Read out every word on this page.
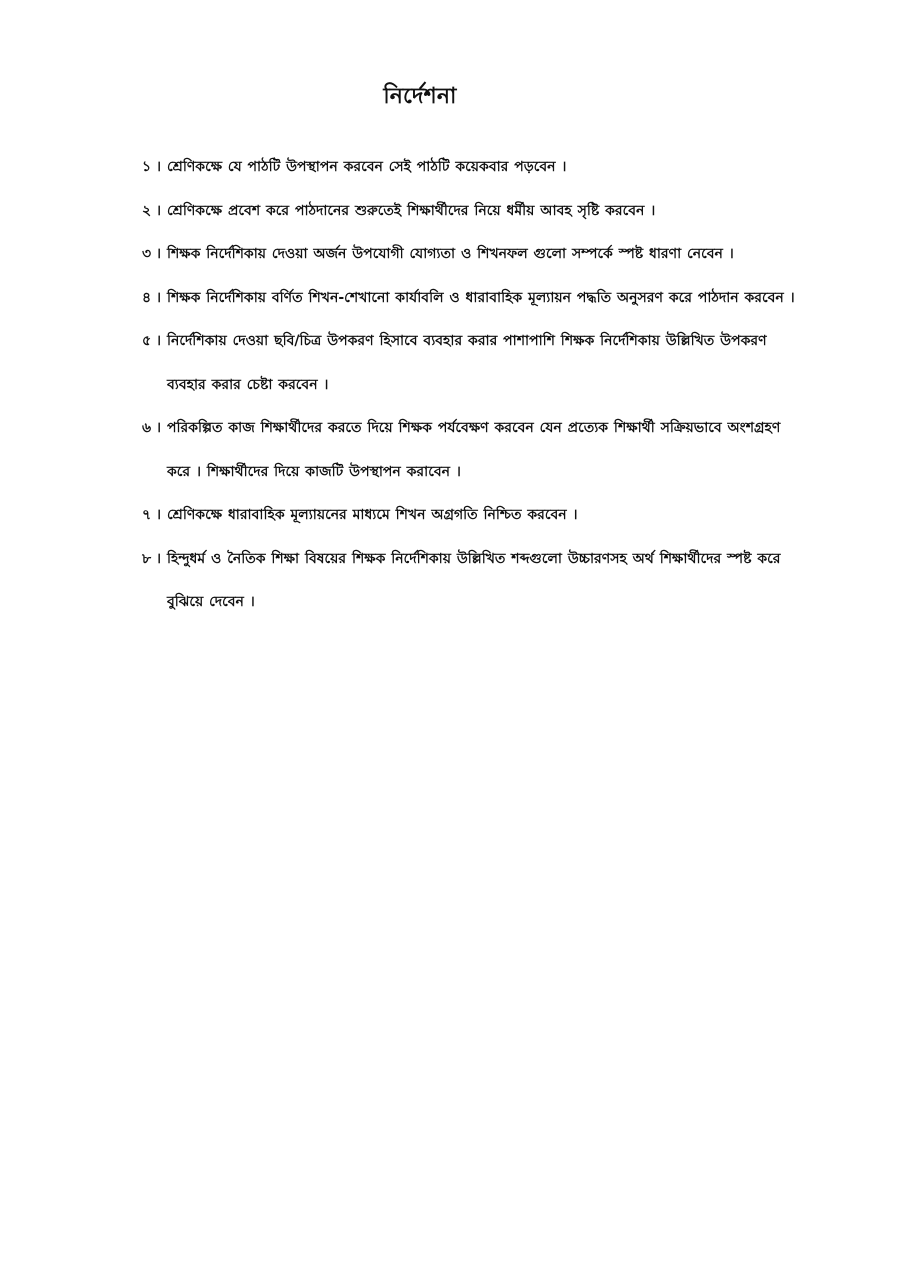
নির্দেশনা
১ । শ্রেণিকক্ষে যে পাঠটি উপস্থাপন করবেন সেই পাঠটি কয়েকবার পড়বেন ।
২ । শ্রেণিকক্ষে প্রবেশ করে পাঠদানের শুরুতেই শিক্ষার্থীদের নিয়ে ধর্মীয় আবহ সৃষ্টি করবেন ।
৩ । শিক্ষক নির্দেশিকায় দেওয়া অর্জন উপযোগী যোগ্যতা ও শিখনফল গুলো সম্পর্কে স্পষ্ট ধারণা নেবেন ।
৪ । শিক্ষক নির্দেশিকায় বর্ণিত শিখন-শেখানো কার্যাবলি ও ধারাবাহিক মূল্যায়ন পদ্ধতি অনুসরণ করে পাঠদান করবেন ।
৫ । নির্দেশিকায় দেওয়া ছবি/চিত্র উপকরণ হিসাবে ব্যবহার করার পাশাপাশি শিক্ষক নির্দেশিকায় উল্লিখিত উপকরণ ব্যবহার করার চেষ্টা করবেন ।
৬ । পরিকল্পিত কাজ শিক্ষার্থীদের করতে দিয়ে শিক্ষক পর্যবেক্ষণ করবেন যেন প্রত্যেক শিক্ষার্থী সক্রিয়ভাবে অংশগ্রহণ করে । শিক্ষার্থীদের দিয়ে কাজটি উপস্থাপন করাবেন ।
৭ । শ্রেণিকক্ষে ধারাবাহিক মূল্যায়নের মাধ্যমে শিখন অগ্রগতি নিশ্চিত করবেন ।
৮ । হিন্দুধর্ম ও নৈতিক শিক্ষা বিষয়ের শিক্ষক নির্দেশিকায় উল্লিখিত শব্দগুলো উচ্চারণসহ অর্থ শিক্ষার্থীদের স্পষ্ট করে বুঝিয়ে দেবেন ।
